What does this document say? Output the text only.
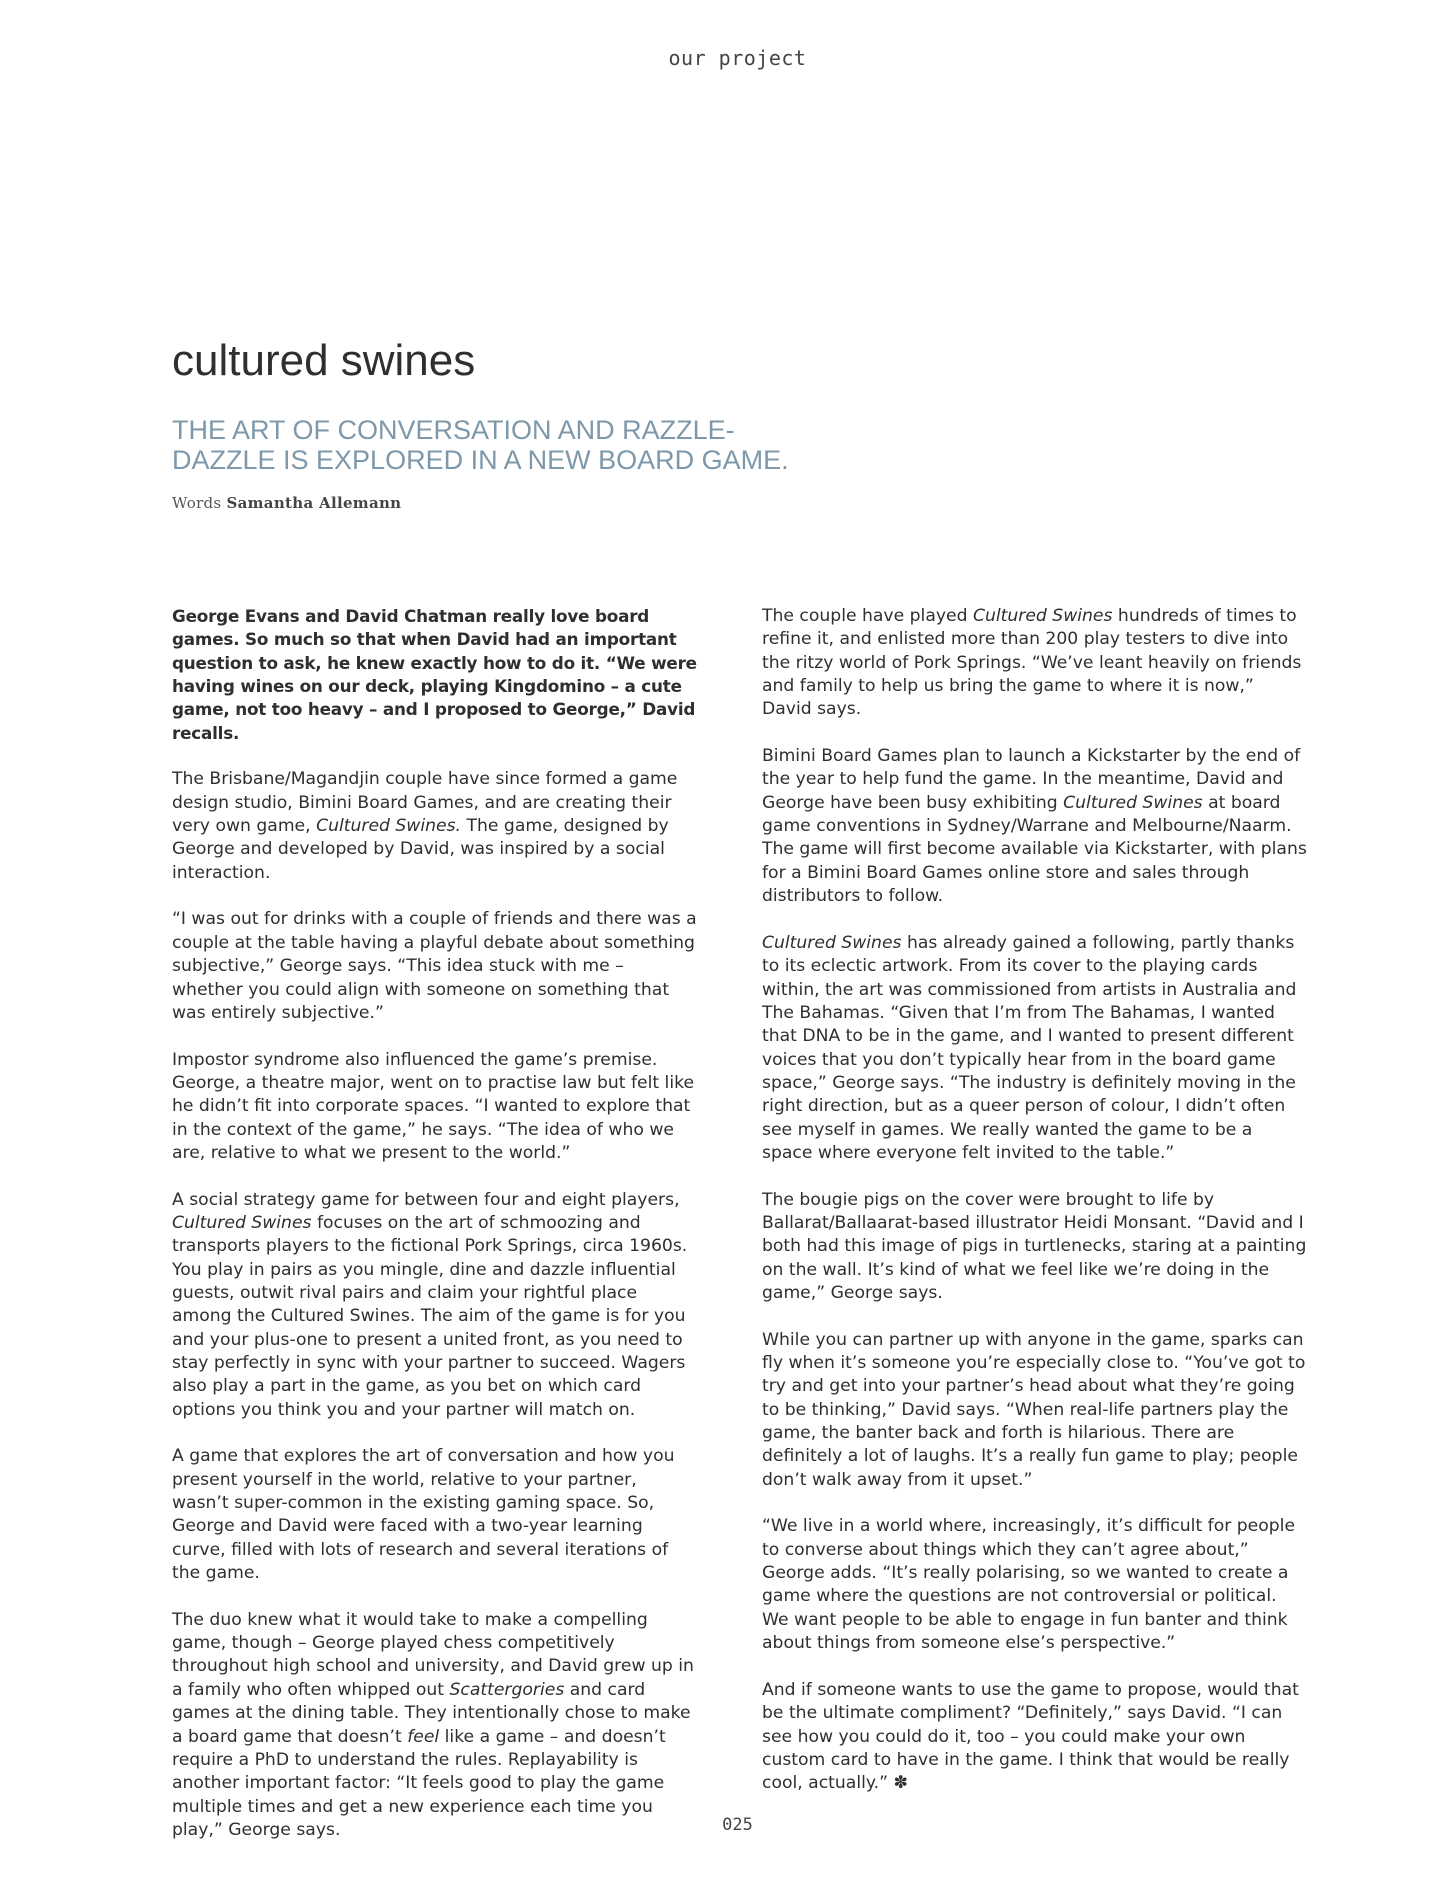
our project
cultured swines
THE ART OF CONVERSATION AND RAZZLE-DAZZLE IS EXPLORED IN A NEW BOARD GAME.
Words Samantha Allemann

George Evans and David Chatman really love board games. So much so that when David had an important question to ask, he knew exactly how to do it. “We were having wines on our deck, playing Kingdomino – a cute game, not too heavy – and I proposed to George,” David recalls.

The Brisbane/Magandjin couple have since formed a game design studio, Bimini Board Games, and are creating their very own game, Cultured Swines. The game, designed by George and developed by David, was inspired by a social interaction.

“I was out for drinks with a couple of friends and there was a couple at the table having a playful debate about something subjective,” George says. “This idea stuck with me – whether you could align with someone on something that was entirely subjective.”

Impostor syndrome also influenced the game’s premise. George, a theatre major, went on to practise law but felt like he didn’t fit into corporate spaces. “I wanted to explore that in the context of the game,” he says. “The idea of who we are, relative to what we present to the world.”

A social strategy game for between four and eight players, Cultured Swines focuses on the art of schmoozing and transports players to the fictional Pork Springs, circa 1960s. You play in pairs as you mingle, dine and dazzle influential guests, outwit rival pairs and claim your rightful place among the Cultured Swines. The aim of the game is for you and your plus-one to present a united front, as you need to stay perfectly in sync with your partner to succeed. Wagers also play a part in the game, as you bet on which card options you think you and your partner will match on.

A game that explores the art of conversation and how you present yourself in the world, relative to your partner, wasn’t super-common in the existing gaming space. So, George and David were faced with a two-year learning curve, filled with lots of research and several iterations of the game.

The duo knew what it would take to make a compelling game, though – George played chess competitively throughout high school and university, and David grew up in a family who often whipped out Scattergories and card games at the dining table. They intentionally chose to make a board game that doesn’t feel like a game – and doesn’t require a PhD to understand the rules. Replayability is another important factor: “It feels good to play the game multiple times and get a new experience each time you play,” George says.

The couple have played Cultured Swines hundreds of times to refine it, and enlisted more than 200 play testers to dive into the ritzy world of Pork Springs. “We’ve leant heavily on friends and family to help us bring the game to where it is now,” David says.

Bimini Board Games plan to launch a Kickstarter by the end of the year to help fund the game. In the meantime, David and George have been busy exhibiting Cultured Swines at board game conventions in Sydney/Warrane and Melbourne/Naarm. The game will first become available via Kickstarter, with plans for a Bimini Board Games online store and sales through distributors to follow.

Cultured Swines has already gained a following, partly thanks to its eclectic artwork. From its cover to the playing cards within, the art was commissioned from artists in Australia and The Bahamas. “Given that I’m from The Bahamas, I wanted that DNA to be in the game, and I wanted to present different voices that you don’t typically hear from in the board game space,” George says. “The industry is definitely moving in the right direction, but as a queer person of colour, I didn’t often see myself in games. We really wanted the game to be a space where everyone felt invited to the table.”

The bougie pigs on the cover were brought to life by Ballarat/Ballaarat-based illustrator Heidi Monsant. “David and I both had this image of pigs in turtlenecks, staring at a painting on the wall. It’s kind of what we feel like we’re doing in the game,” George says.

While you can partner up with anyone in the game, sparks can fly when it’s someone you’re especially close to. “You’ve got to try and get into your partner’s head about what they’re going to be thinking,” David says. “When real-life partners play the game, the banter back and forth is hilarious. There are definitely a lot of laughs. It’s a really fun game to play; people don’t walk away from it upset.”

“We live in a world where, increasingly, it’s difficult for people to converse about things which they can’t agree about,” George adds. “It’s really polarising, so we wanted to create a game where the questions are not controversial or political. We want people to be able to engage in fun banter and think about things from someone else’s perspective.”

And if someone wants to use the game to propose, would that be the ultimate compliment? “Definitely,” says David. “I can see how you could do it, too – you could make your own custom card to have in the game. I think that would be really cool, actually.” ✽

025
